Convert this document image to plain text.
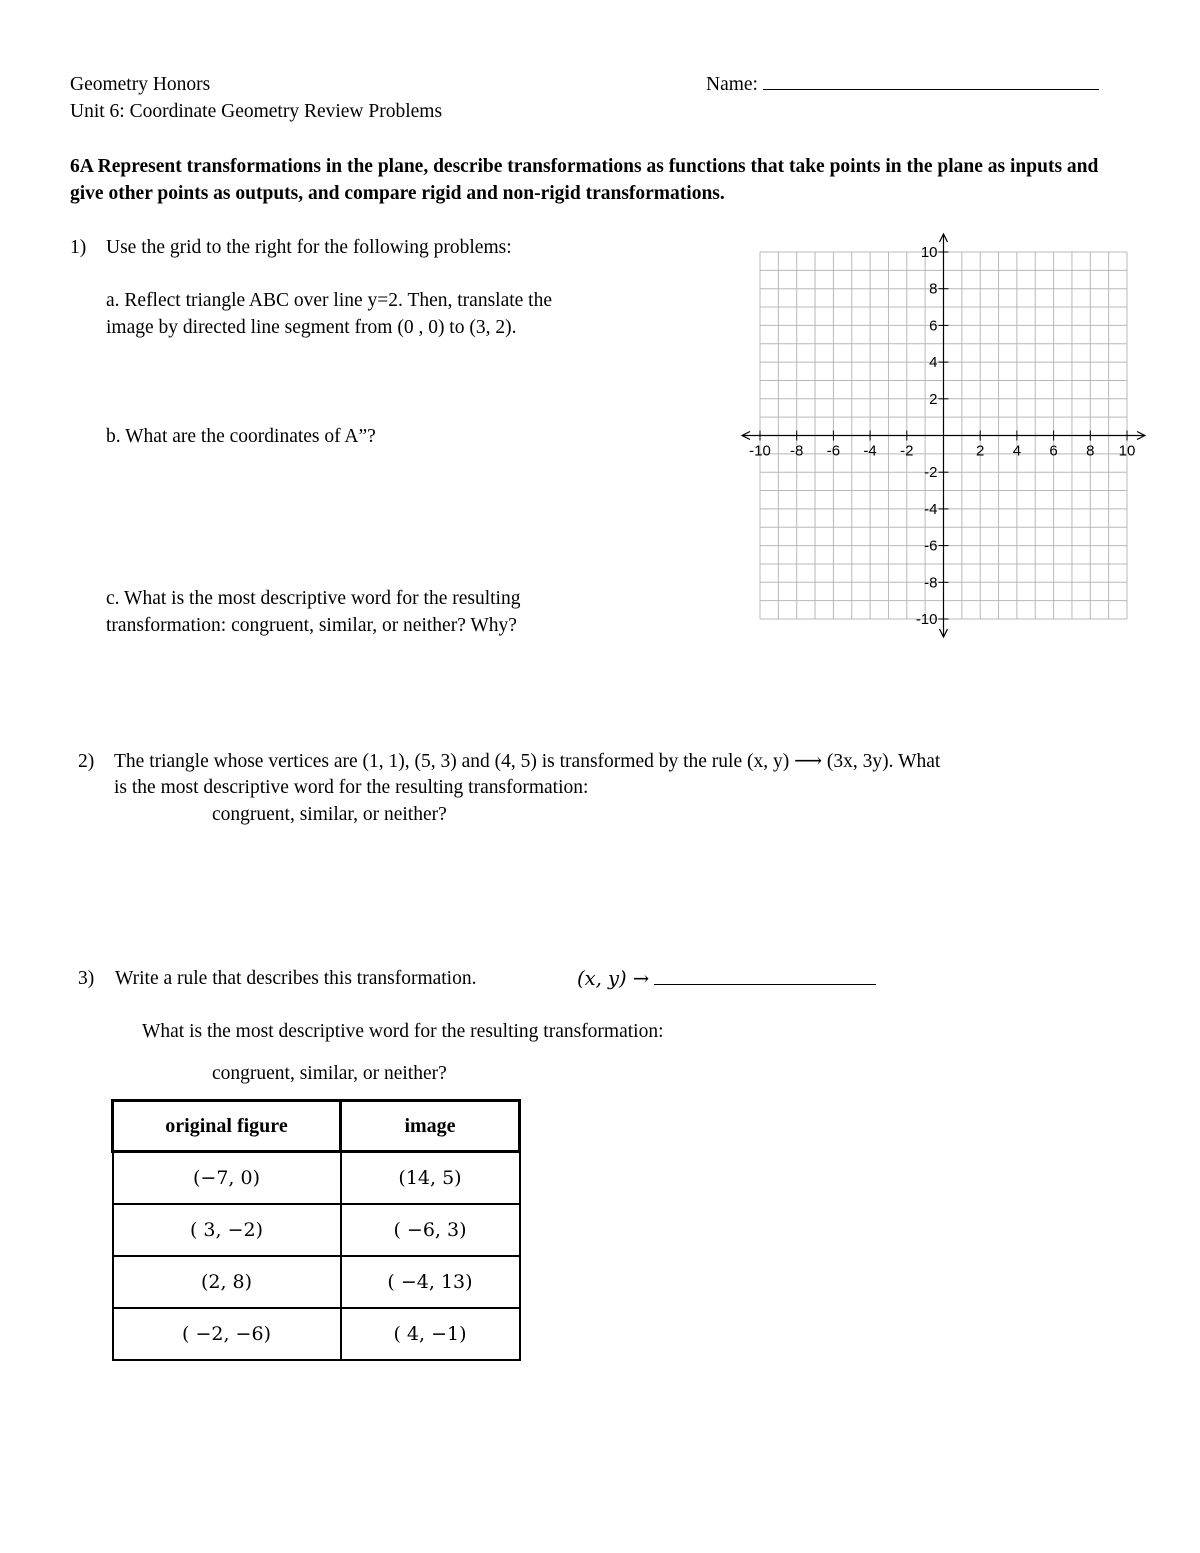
Geometry Honors
Unit 6: Coordinate Geometry Review Problems
Name:
6A Represent transformations in the plane, describe transformations as functions that take points in the plane as inputs and give other points as outputs, and compare rigid and non-rigid transformations.
1) Use the grid to the right for the following problems:
a. Reflect triangle ABC over line y=2. Then, translate the
image by directed line segment from (0 , 0) to (3, 2).
b. What are the coordinates of A”?
c. What is the most descriptive word for the resulting
transformation: congruent, similar, or neither? Why?
-10 -8 -6 -4 -2	2 4 6 8 10
10
8
6
4
2
-2
-4
-6
-8
-10
2) The triangle whose vertices are (1, 1), (5, 3) and (4, 5) is transformed by the rule (x, y) ⟶ (3x, 3y). What
is the most descriptive word for the resulting transformation:
congruent, similar, or neither?
3) Write a rule that describes this transformation.	(x, y) →
What is the most descriptive word for the resulting transformation:
congruent, similar, or neither?
original figure	image
(−7, 0)	(14, 5)
( 3, −2)	( −6, 3)
(2, 8)	( −4, 13)
( −2, −6)	( 4, −1)
